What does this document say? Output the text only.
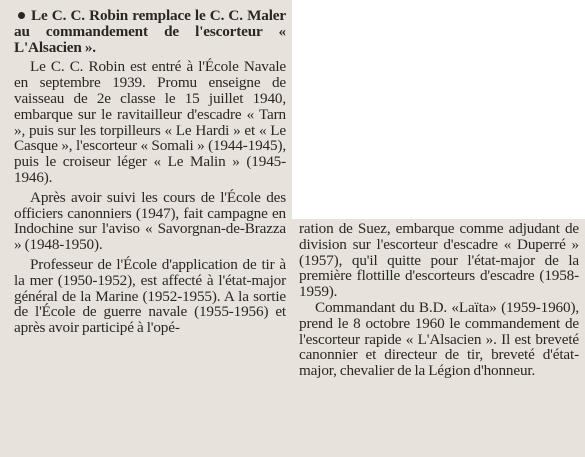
Le C. C. Robin remplace le C. C. Maler au commandement de l'escorteur « L'Alsacien ».

Le C. C. Robin est entré à l'École Navale en septembre 1939. Promu enseigne de vaisseau de 2e classe le 15 juillet 1940, embarque sur le ravitailleur d'escadre « Tarn », puis sur les torpilleurs « Le Hardi » et « Le Casque », l'escorteur « Somali » (1944-1945), puis le croiseur léger « Le Malin » (1945-1946).

Après avoir suivi les cours de l'École des officiers canonniers (1947), fait campagne en Indochine sur l'aviso « Savorgnan-de-Brazza » (1948-1950).

Professeur de l'École d'application de tir à la mer (1950-1952), est affecté à l'état-major général de la Marine (1952-1955). A la sortie de l'École de guerre navale (1955-1956) et après avoir participé à l'opé-

ration de Suez, embarque comme adjudant de division sur l'escorteur d'escadre « Duperré » (1957), qu'il quitte pour l'état-major de la première flottille d'escorteurs d'escadre (1958-1959).

Commandant du B.D. «Laïta» (1959-1960), prend le 8 octobre 1960 le commandement de l'escorteur rapide « L'Alsacien ». Il est breveté canonnier et directeur de tir, breveté d'état-major, chevalier de la Légion d'honneur.
